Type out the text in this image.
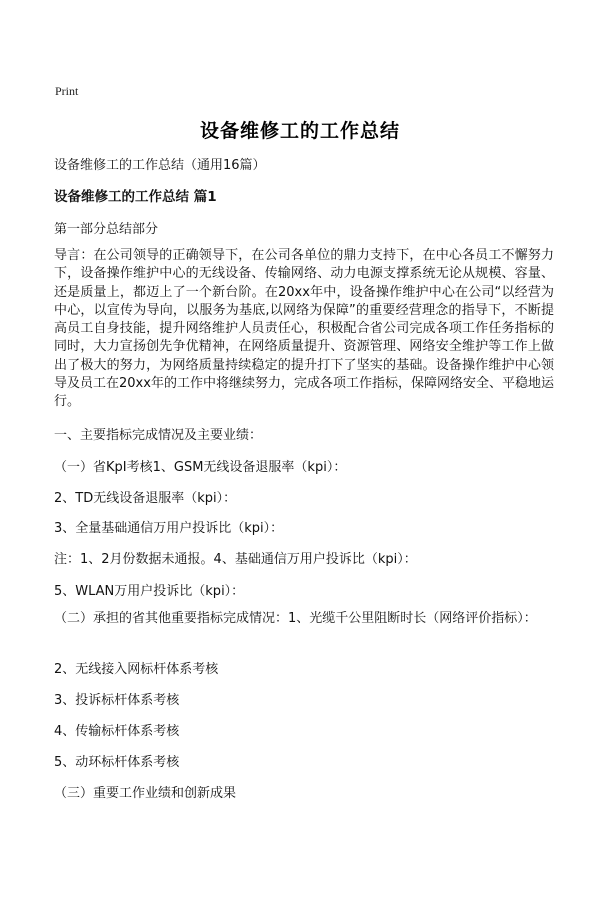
Print
设备维修工的工作总结
设备维修工的工作总结（通用16篇）
设备维修工的工作总结 篇1
第一部分总结部分

导言：在公司领导的正确领导下，在公司各单位的鼎力支持下，在中心各员工不懈努力下，设备操作维护中心的无线设备、传输网络、动力电源支撑系统无论从规模、容量、还是质量上，都迈上了一个新台阶。在20xx年中，设备操作维护中心在公司“以经营为中心，以宣传为导向，以服务为基底,以网络为保障”的重要经营理念的指导下，不断提高员工自身技能，提升网络维护人员责任心，积极配合省公司完成各项工作任务指标的同时，大力宣扬创先争优精神，在网络质量提升、资源管理、网络安全维护等工作上做出了极大的努力，为网络质量持续稳定的提升打下了坚实的基础。设备操作维护中心领导及员工在20xx年的工作中将继续努力，完成各项工作指标，保障网络安全、平稳地运行。

一、主要指标完成情况及主要业绩：

（一）省KpI考核1、GSM无线设备退服率（kpi）：

2、TD无线设备退服率（kpi）：

3、全量基础通信万用户投诉比（kpi）：

注：1、2月份数据未通报。4、基础通信万用户投诉比（kpi）：

5、WLAN万用户投诉比（kpi）：

（二）承担的省其他重要指标完成情况：1、光缆千公里阻断时长（网络评价指标）：

2、无线接入网标杆体系考核

3、投诉标杆体系考核

4、传输标杆体系考核

5、动环标杆体系考核

（三）重要工作业绩和创新成果
